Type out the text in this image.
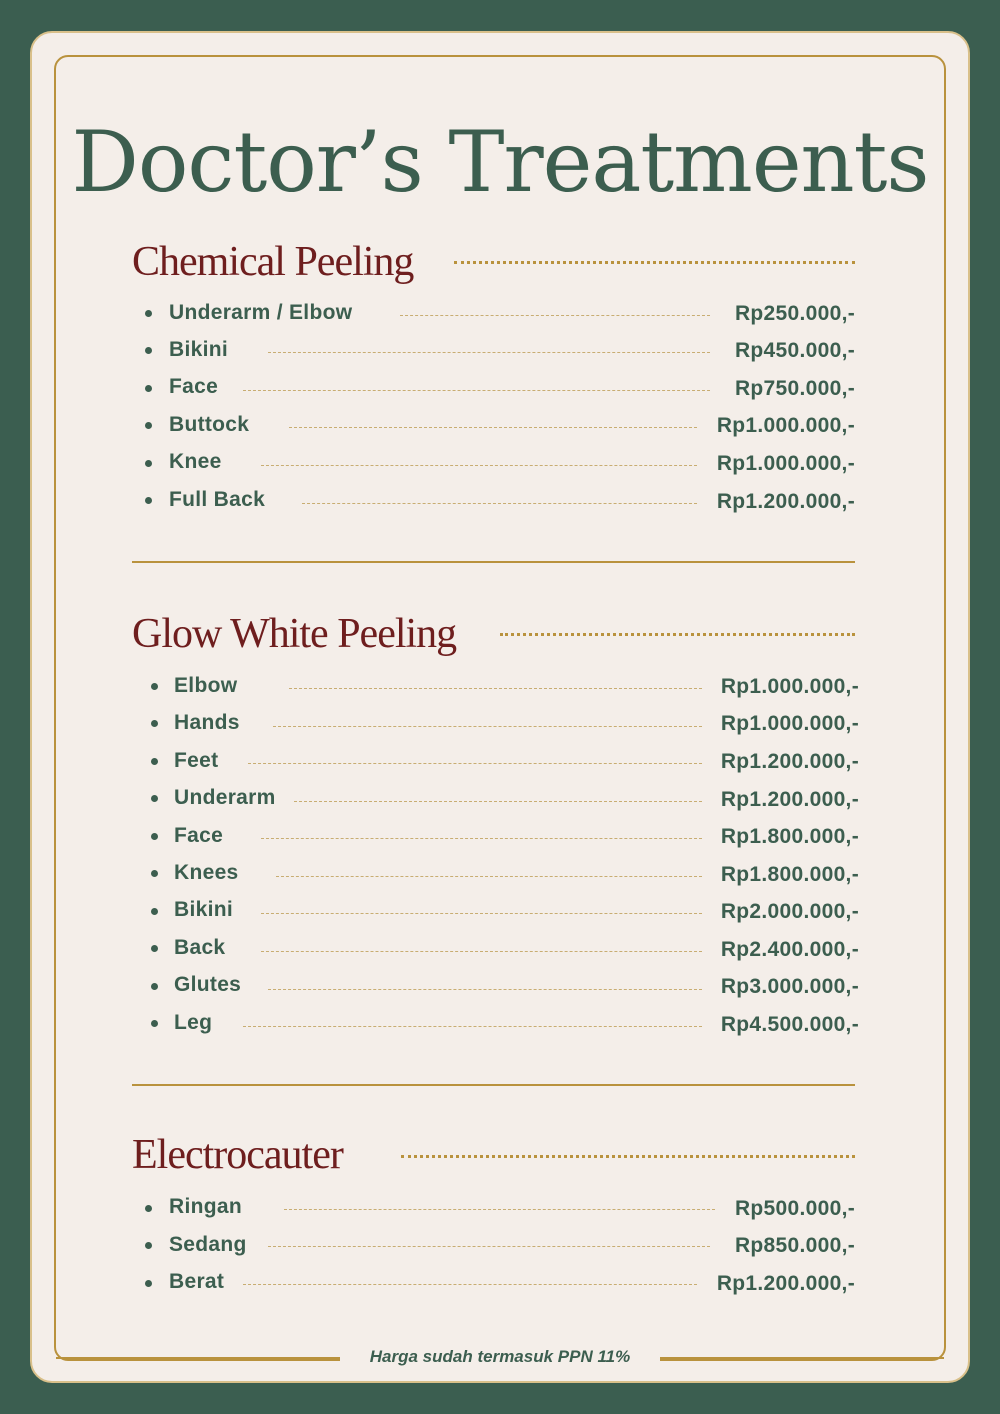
Doctor’s Treatments
Chemical Peeling
Underarm / Elbow	Rp250.000,-
Bikini	Rp450.000,-
Face	Rp750.000,-
Buttock	Rp1.000.000,-
Knee	Rp1.000.000,-
Full Back	Rp1.200.000,-
Glow White Peeling
Elbow	Rp1.000.000,-
Hands	Rp1.000.000,-
Feet	Rp1.200.000,-
Underarm	Rp1.200.000,-
Face	Rp1.800.000,-
Knees	Rp1.800.000,-
Bikini	Rp2.000.000,-
Back	Rp2.400.000,-
Glutes	Rp3.000.000,-
Leg	Rp4.500.000,-
Electrocauter
Ringan	Rp500.000,-
Sedang	Rp850.000,-
Berat	Rp1.200.000,-
Harga sudah termasuk PPN 11%
